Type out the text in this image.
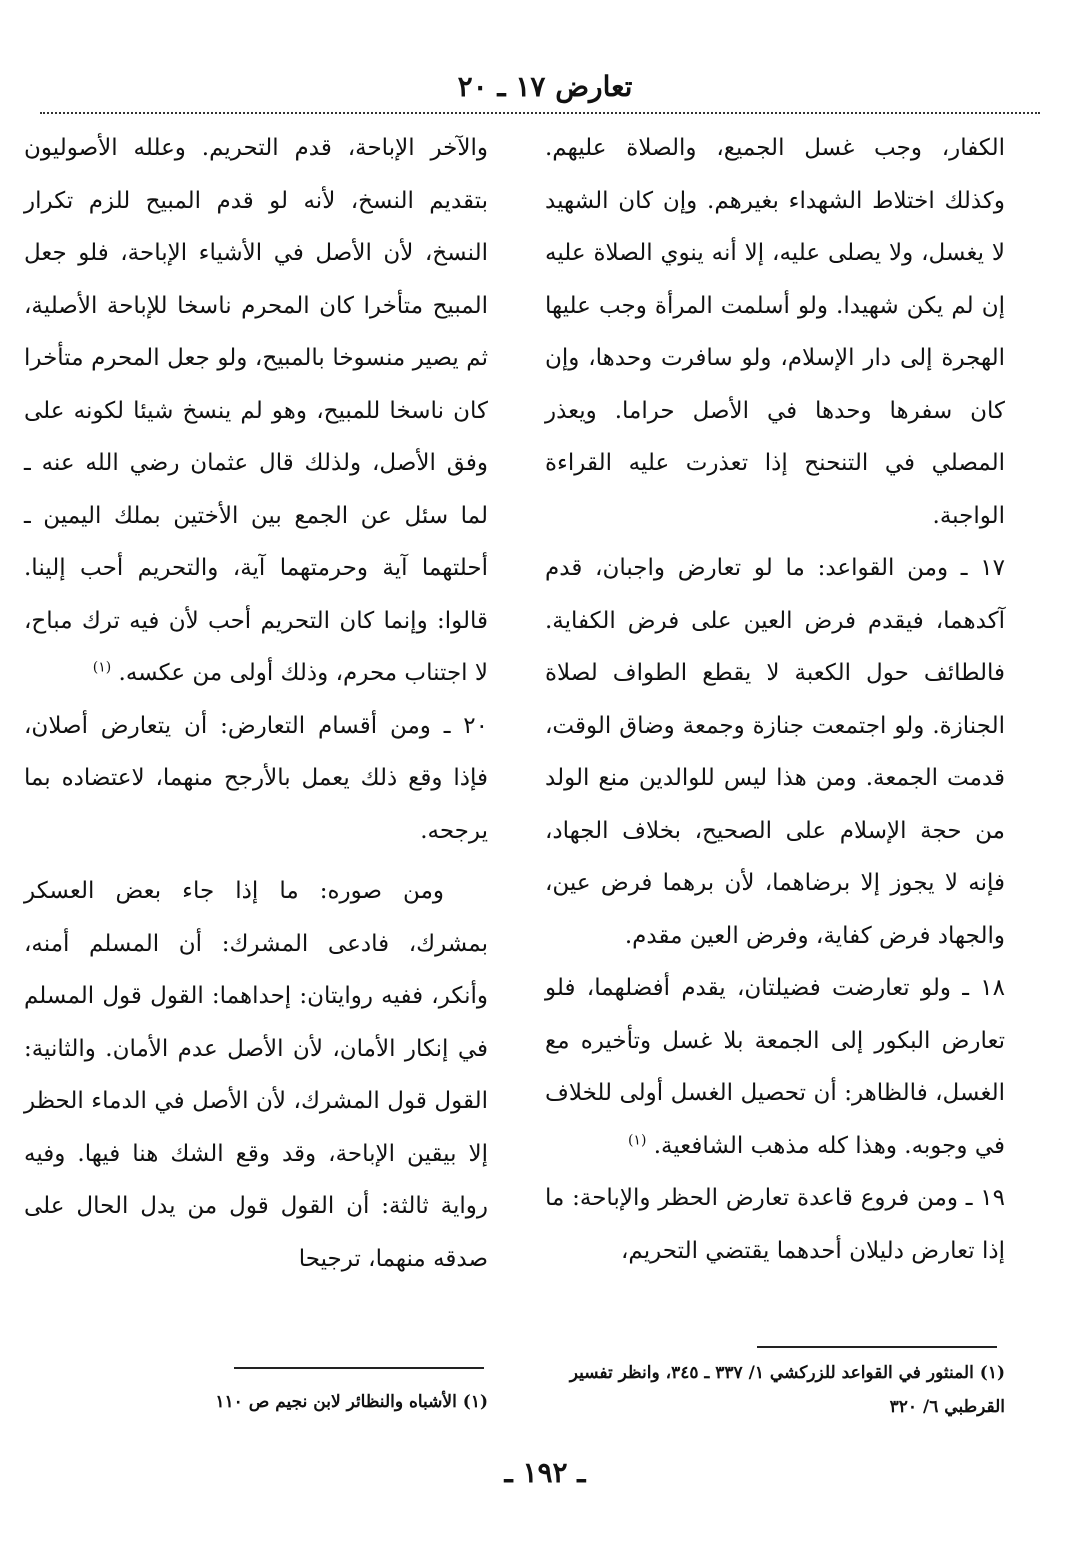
تعارض ١٧ ـ ٢٠

الكفار، وجب غسل الجميع، والصلاة عليهم. وكذلك اختلاط الشهداء بغيرهم. وإن كان الشهيد لا يغسل، ولا يصلى عليه، إلا أنه ينوي الصلاة عليه إن لم يكن شهيدا. ولو أسلمت المرأة وجب عليها الهجرة إلى دار الإسلام، ولو سافرت وحدها، وإن كان سفرها وحدها في الأصل حراما. ويعذر المصلي في التنحنح إذا تعذرت عليه القراءة الواجبة.

١٧ ـ ومن القواعد: ما لو تعارض واجبان، قدم آكدهما، فيقدم فرض العين على فرض الكفاية. فالطائف حول الكعبة لا يقطع الطواف لصلاة الجنازة. ولو اجتمعت جنازة وجمعة وضاق الوقت، قدمت الجمعة. ومن هذا ليس للوالدين منع الولد من حجة الإسلام على الصحيح، بخلاف الجهاد، فإنه لا يجوز إلا برضاهما، لأن برهما فرض عين، والجهاد فرض كفاية، وفرض العين مقدم.

١٨ ـ ولو تعارضت فضيلتان، يقدم أفضلهما، فلو تعارض البكور إلى الجمعة بلا غسل وتأخيره مع الغسل، فالظاهر: أن تحصيل الغسل أولى للخلاف في وجوبه. وهذا كله مذهب الشافعية. $^{(١)}$

١٩ ـ ومن فروع قاعدة تعارض الحظر والإباحة: ما إذا تعارض دليلان أحدهما يقتضي التحريم،

والآخر الإباحة، قدم التحريم. وعلله الأصوليون بتقديم النسخ، لأنه لو قدم المبيح للزم تكرار النسخ، لأن الأصل في الأشياء الإباحة، فلو جعل المبيح متأخرا كان المحرم ناسخا للإباحة الأصلية، ثم يصير منسوخا بالمبيح، ولو جعل المحرم متأخرا كان ناسخا للمبيح، وهو لم ينسخ شيئا لكونه على وفق الأصل، ولذلك قال عثمان رضي الله عنه ـ لما سئل عن الجمع بين الأختين بملك اليمين ـ أحلتهما آية وحرمتهما آية، والتحريم أحب إلينا. قالوا: وإنما كان التحريم أحب لأن فيه ترك مباح، لا اجتناب محرم، وذلك أولى من عكسه. $^{(١)}$

٢٠ ـ ومن أقسام التعارض: أن يتعارض أصلان، فإذا وقع ذلك يعمل بالأرجح منهما، لاعتضاده بما يرجحه.

ومن صوره: ما إذا جاء بعض العسكر بمشرك، فادعى المشرك: أن المسلم أمنه، وأنكر، ففيه روايتان: إحداهما: القول قول المسلم في إنكار الأمان، لأن الأصل عدم الأمان. والثانية: القول قول المشرك، لأن الأصل في الدماء الحظر إلا بيقين الإباحة، وقد وقع الشك هنا فيها. وفيه رواية ثالثة: أن القول قول من يدل الحال على صدقه منهما، ترجيحا

(١) المنثور في القواعد للزركشي ١/ ٣٣٧ ـ ٣٤٥، وانظر تفسير القرطبي ٦/ ٣٢٠
(١) الأشباه والنظائر لابن نجيم ص ١١٠
ـ ١٩٢ ـ
